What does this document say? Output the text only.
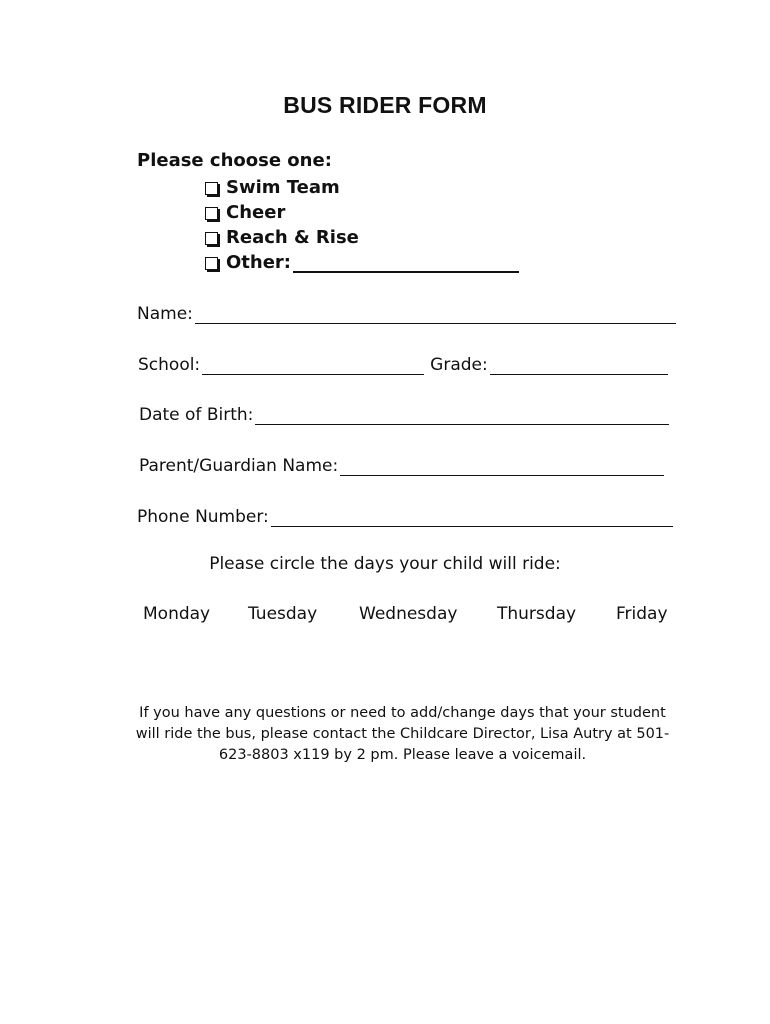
BUS RIDER FORM
Please choose one:
Swim Team
Cheer
Reach & Rise
Other:
Name:
School:	Grade:
Date of Birth:
Parent/Guardian Name:
Phone Number:
Please circle the days your child will ride:
Monday Tuesday Wednesday Thursday Friday
If you have any questions or need to add/change days that your student will ride the bus, please contact the Childcare Director, Lisa Autry at 501-623-8803 x119 by 2 pm. Please leave a voicemail.
